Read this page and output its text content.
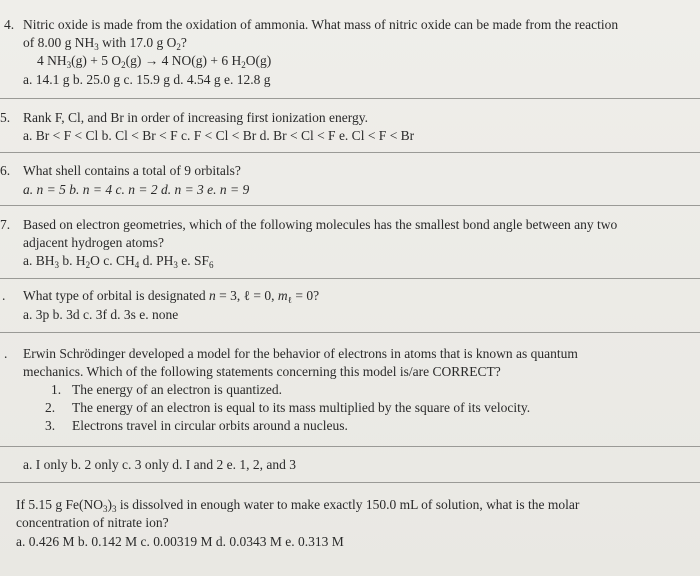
4. Nitric oxide is made from the oxidation of ammonia. What mass of nitric oxide can be made from the reaction
of 8.00 g $NH_3$ with 17.0 g $O_2$?
4 $NH_3(g) + 5$ $O_2(g) \to 4$ NO(g) + 6 $H_2O(g)$
a. 14.1 g b. 25.0 g c. 15.9 g d. 4.54 g e. 12.8 g
5. Rank F, Cl, and Br in order of increasing first ionization energy.
a. Br < F < Cl b. Cl < Br < F c. F < Cl < Br d. Br < Cl < F e. Cl < F < Br
6. What shell contains a total of 9 orbitals?
a. n = 5 b. n = 4 c. n = 2 d. n = 3 e. n = 9
7. Based on electron geometries, which of the following molecules has the smallest bond angle between any two
adjacent hydrogen atoms?
a. $BH_3$ b. $H_2O$ c. $CH_4$ d. $PH_3$ e. $SF_6$
. What type of orbital is designated n = 3, ℓ = 0, $m_\ell = 0$?
a. 3p b. 3d c. 3f d. 3s e. none
. Erwin Schrödinger developed a model for the behavior of electrons in atoms that is known as quantum
mechanics. Which of the following statements concerning this model is/are CORRECT?
1. The energy of an electron is quantized.
2. The energy of an electron is equal to its mass multiplied by the square of its velocity.
3. Electrons travel in circular orbits around a nucleus.
a. I only b. 2 only c. 3 only d. I and 2 e. 1, 2, and 3
If 5.15 g $Fe(NO_3)_3$ is dissolved in enough water to make exactly 150.0 mL of solution, what is the molar
concentration of nitrate ion?
a. 0.426 M b. 0.142 M c. 0.00319 M d. 0.0343 M e. 0.313 M
